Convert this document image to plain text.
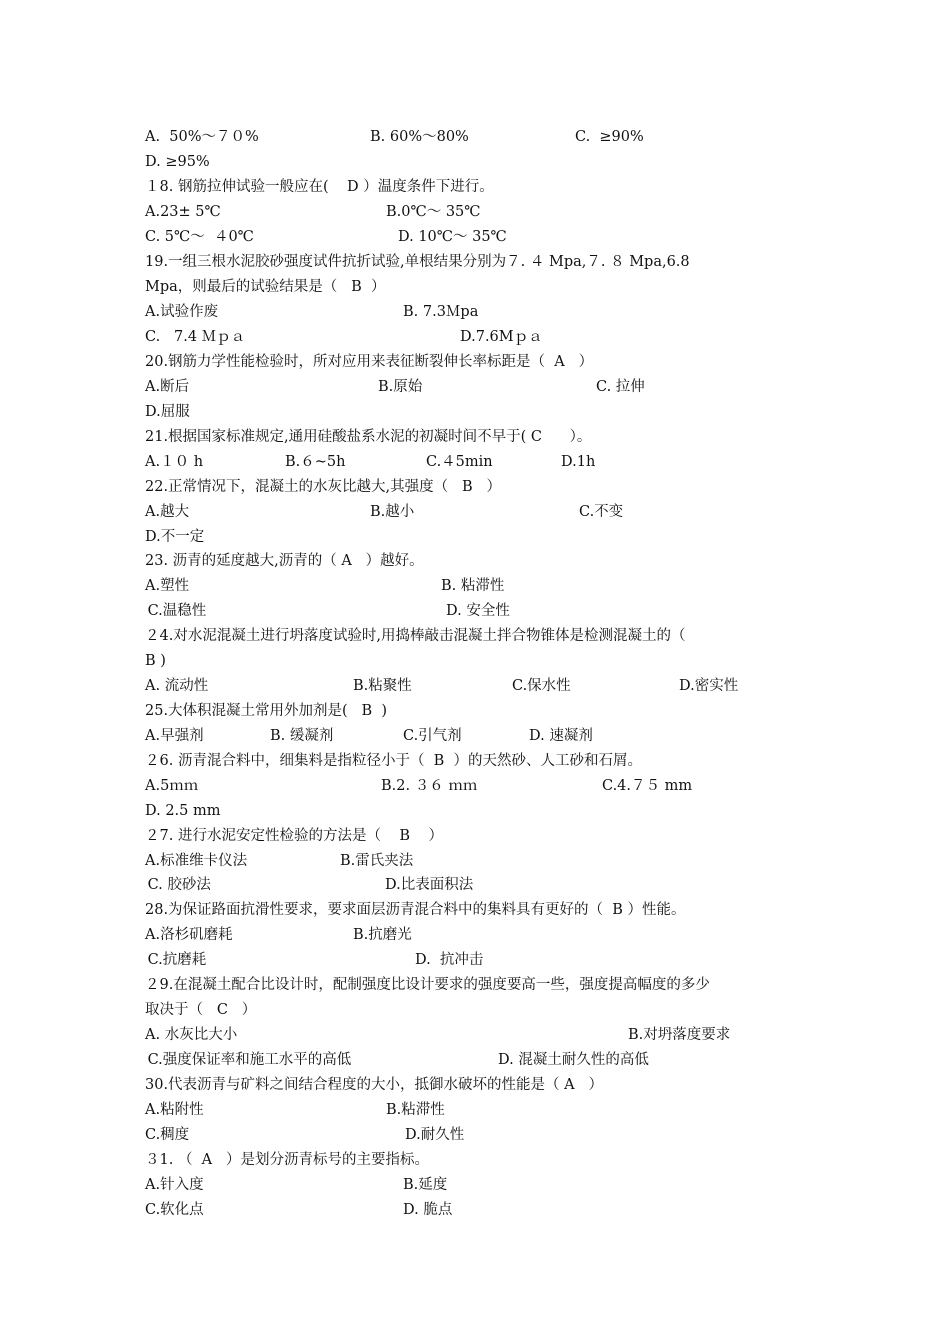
A.  50%～７０%	B. 60%～80%	C.  ≥90%
D. ≥95%
１8. 钢筋拉伸试验一般应在(    D ）温度条件下进行。
A.23± 5℃	B.0℃～ 35℃
C. 5℃～  ４0℃	D. 10℃～ 35℃
19.一组三根水泥胶砂强度试件抗折试验,单根结果分别为７. ４ Mpa,７. ８ Mpa,6.8
Mpa，则最后的试验结果是（   B  ）
A.试验作废	B. 7.3Ｍpa
C.   7.4 Ｍｐａ	D.7.6Mｐａ
20.钢筋力学性能检验时，所对应用来表征断裂伸长率标距是（  A   ）
A.断后	B.原始	C. 拉伸
D.屈服
21.根据国家标准规定,通用硅酸盐系水泥的初凝时间不早于( C      ）。
A.１０ h	B.６~5h	C.４5min	D.1h
22.正常情况下，混凝土的水灰比越大,其强度（   B   ）
A.越大	B.越小	C.不变
D.不一定
23. 沥青的延度越大,沥青的（ A   ）越好。
A.塑性	B. 粘滞性
C.温稳性	D. 安全性
２4.对水泥混凝土进行坍落度试验时,用捣棒敲击混凝土拌合物锥体是检测混凝土的（
B )
A. 流动性	B.粘聚性	C.保水性	D.密实性
25.大体积混凝土常用外加剂是(   B  )
A.早强剂	B. 缓凝剂	C.引气剂	D. 速凝剂
２6. 沥青混合料中，细集料是指粒径小于（  B  ）的天然砂、人工砂和石屑。
A.5ｍｍ	B.2. ３６ ｍｍ	C.4.７５ mm
D. 2.5 mm
２7. 进行水泥安定性检验的方法是（    B    ）
A.标准维卡仪法	B.雷氏夹法
C. 胶砂法	D.比表面积法
28.为保证路面抗滑性要求，要求面层沥青混合料中的集料具有更好的（  B ）性能。
A.洛杉矶磨耗	B.抗磨光
C.抗磨耗	D.  抗冲击
２9.在混凝土配合比设计时，配制强度比设计要求的强度要高一些，强度提高幅度的多少
取决于（   C   ）
A. 水灰比大小	B.对坍落度要求
C.强度保证率和施工水平的高低	D. 混凝土耐久性的高低
30.代表沥青与矿料之间结合程度的大小，抵御水破坏的性能是（ A   ）
A.粘附性	B.粘滞性
C.稠度	D.耐久性
３1. （  A   ）是划分沥青标号的主要指标。
A.针入度	B.延度
C.软化点	D. 脆点
